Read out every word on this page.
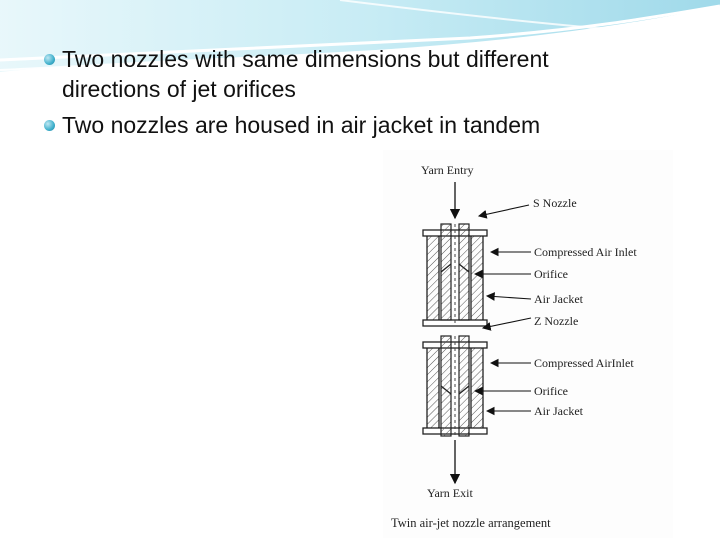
Two nozzles with same dimensions but different
directions of jet orifices
Two nozzles are housed in air jacket in tandem
Yarn Entry
S Nozzle
Compressed Air Inlet
Orifice
Air Jacket
Z Nozzle
Compressed AirInlet
Orifice
Air Jacket
Yarn Exit
Twin air-jet nozzle arrangement
